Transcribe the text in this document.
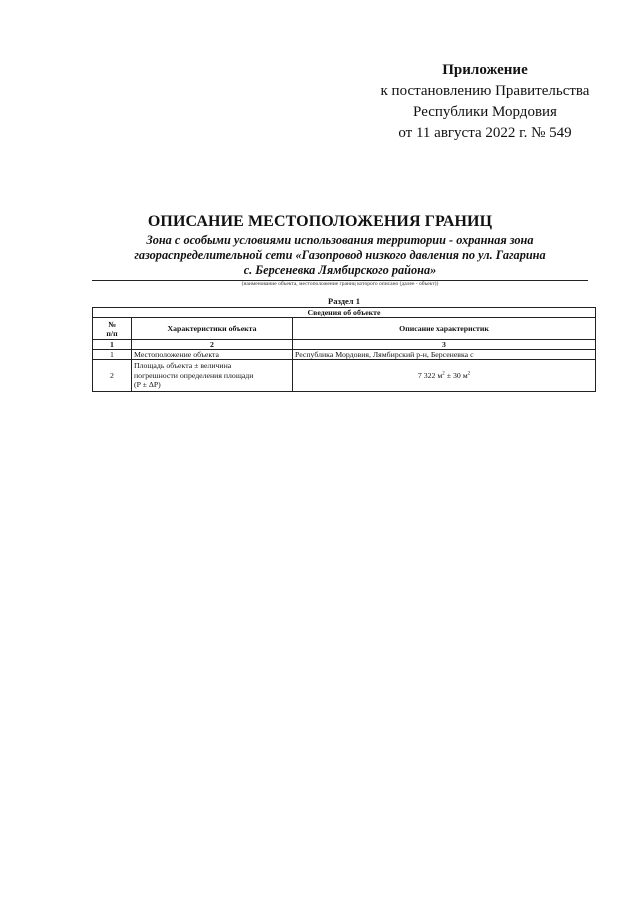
Приложение
к постановлению Правительства
Республики Мордовия
от 11 августа 2022 г. № 549
ОПИСАНИЕ МЕСТОПОЛОЖЕНИЯ ГРАНИЦ
Зона с особыми условиями использования территории - охранная зона
газораспределительной сети «Газопровод низкого давления по ул. Гагарина
с. Берсеневка Лямбирского района»
(наименование объекта, местоположение границ которого описано (далее - объект))
Раздел 1
Сведения об объекте		

№
п/п	Характеристики объекта	Описание характеристик
1	2	3
1	Местоположение объекта	Республика Мордовия, Лямбирский р-н, Берсеневка с
2	Площадь объекта ± величина
погрешности определения площади
(P ± ΔP)	7 322 $м^2 \pm 30$ $м^2$
